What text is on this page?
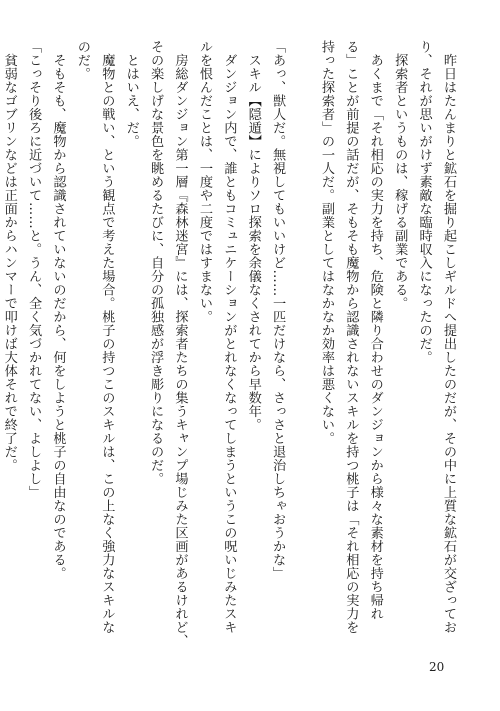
　昨日はたんまりと鉱石を掘り起こしギルドへ提出したのだが、その中に上質な鉱石が交ざってお
り、それが思いがけず素敵な臨時収入になったのだ。
　探索者というものは、稼げる副業である。
　あくまで「それ相応の実力を持ち、危険と隣り合わせのダンジョンから様々な素材を持ち帰れ
る」ことが前提の話だが、そもそも魔物から認識されないスキルを持つ桃子は「それ相応の実力を
持った探索者」の一人だ。副業としてはなかなか効率は悪くない。
「あっ、獣人だ。無視してもいいけど……一匹だけなら、さっさと退治しちゃおうかな」
　スキル【隠遁】によりソロ探索を余儀なくされてから早数年。
　ダンジョン内で、誰ともコミュニケーションがとれなくなってしまうというこの呪いじみたスキ
ルを恨んだことは、一度や二度ではすまない。
　房総ダンジョン第一層『森林迷宮』には、探索者たちの集うキャンプ場じみた区画があるけれど、
その楽しげな景色を眺めるたびに、自分の孤独感が浮き彫りになるのだ。
　とはいえ、だ。
　魔物との戦い、という観点で考えた場合。桃子の持つこのスキルは、この上なく強力なスキルな
のだ。
　そもそも、魔物から認識されていないのだから、何をしようと桃子の自由なのである。
「こっそり後ろに近づいて……と。うん、全く気づかれてない、よしよし」
　貧弱なゴブリンなどは正面からハンマーで叩けば大体それで終了だ。
20
